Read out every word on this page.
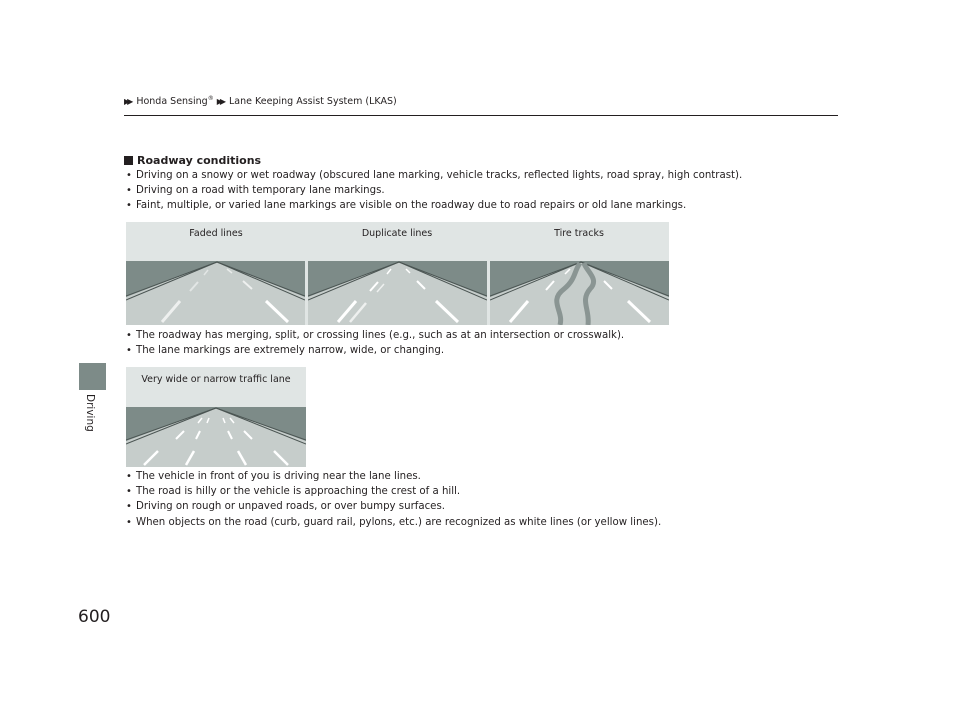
▶▶ Honda Sensing® ▶▶ Lane Keeping Assist System (LKAS)
Driving
Roadway conditions
• Driving on a snowy or wet roadway (obscured lane marking, vehicle tracks, reflected lights, road spray, high contrast).
• Driving on a road with temporary lane markings.
• Faint, multiple, or varied lane markings are visible on the roadway due to road repairs or old lane markings.
Faded lines	Duplicate lines	Tire tracks
• The roadway has merging, split, or crossing lines (e.g., such as at an intersection or crosswalk).
• The lane markings are extremely narrow, wide, or changing.
Very wide or narrow traffic lane
• The vehicle in front of you is driving near the lane lines.
• The road is hilly or the vehicle is approaching the crest of a hill.
• Driving on rough or unpaved roads, or over bumpy surfaces.
• When objects on the road (curb, guard rail, pylons, etc.) are recognized as white lines (or yellow lines).
600
